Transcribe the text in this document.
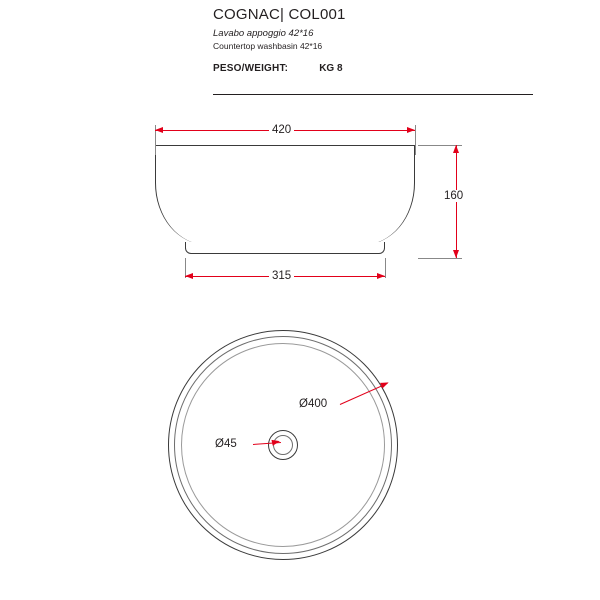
COGNAC| COL001
Lavabo appoggio 42*16
Countertop washbasin 42*16
PESO/WEIGHT:	KG 8
420
160
315
Ø400
Ø45
